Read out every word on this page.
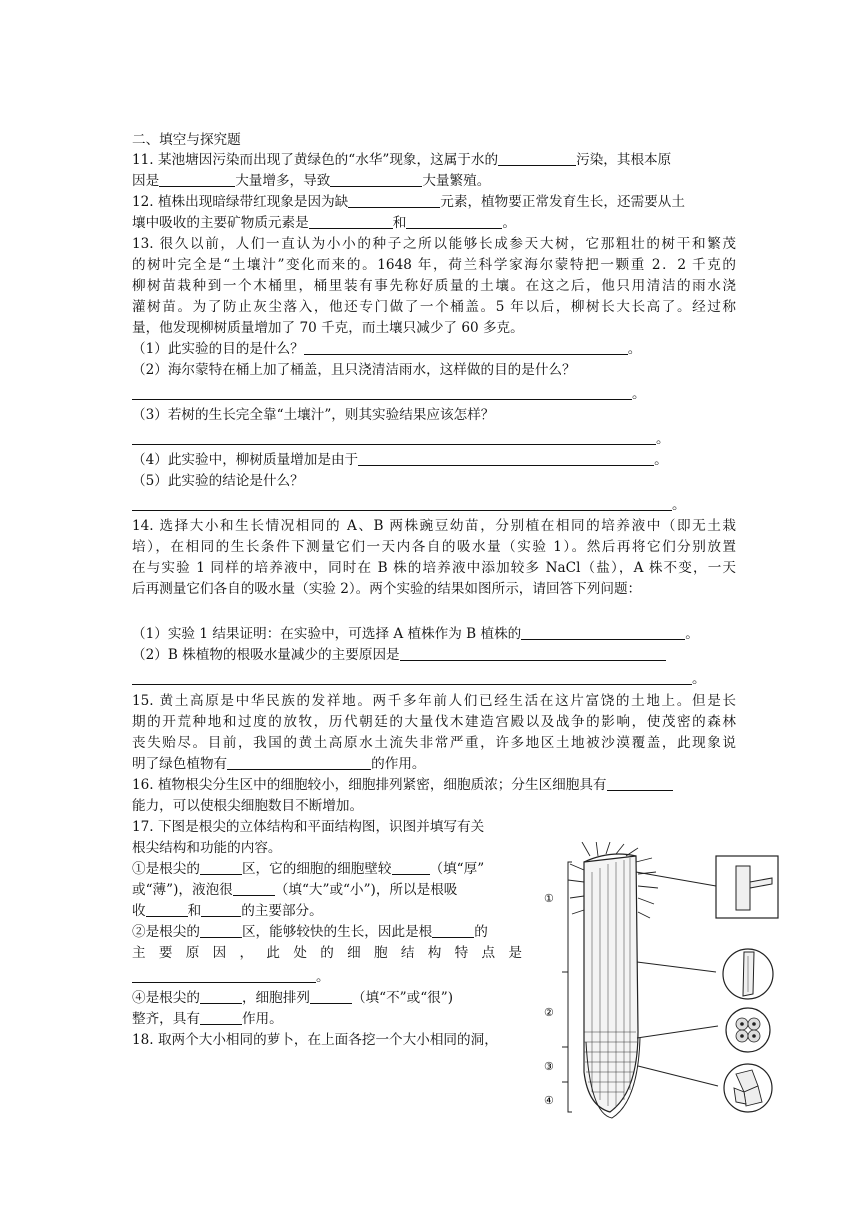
二、填空与探究题
11. 某池塘因污染而出现了黄绿色的“水华”现象，这属于水的	污染，其根本原
因是	大量增多，导致	大量繁殖。
12. 植株出现暗绿带红现象是因为缺	元素，植物要正常发育生长，还需要从土
壤中吸收的主要矿物质元素是	和	。
13. 很久以前，人们一直认为小小的种子之所以能够长成参天大树，它那粗壮的树干和繁茂
的树叶完全是“土壤汁”变化而来的。1648 年，荷兰科学家海尔蒙特把一颗重 2．2 千克的
柳树苗栽种到一个木桶里，桶里装有事先称好质量的土壤。在这之后，他只用清洁的雨水浇
灌树苗。为了防止灰尘落入，他还专门做了一个桶盖。5 年以后，柳树长大长高了。经过称
量，他发现柳树质量增加了 70 千克，而土壤只减少了 60 多克。
（1）此实验的目的是什么？	。
（2）海尔蒙特在桶上加了桶盖，且只浇清洁雨水，这样做的目的是什么？
。
（3）若树的生长完全靠“土壤汁”，则其实验结果应该怎样？
。
（4）此实验中，柳树质量增加是由于	。
（5）此实验的结论是什么？
。
14. 选择大小和生长情况相同的 A、B 两株豌豆幼苗，分别植在相同的培养液中（即无土栽
培），在相同的生长条件下测量它们一天内各自的吸水量（实验 1）。然后再将它们分别放置
在与实验 1 同样的培养液中，同时在 B 株的培养液中添加较多 NaCl（盐），A 株不变，一天
后再测量它们各自的吸水量（实验 2）。两个实验的结果如图所示，请回答下列问题：
（1）实验 1 结果证明：在实验中，可选择 A 植株作为 B 植株的	。
（2）B 株植物的根吸水量减少的主要原因是
。
15. 黄土高原是中华民族的发祥地。两千多年前人们已经生活在这片富饶的土地上。但是长
期的开荒种地和过度的放牧，历代朝廷的大量伐木建造宫殿以及战争的影响，使茂密的森林
丧失贻尽。目前，我国的黄土高原水土流失非常严重，许多地区土地被沙漠覆盖，此现象说
明了绿色植物有	的作用。
16. 植物根尖分生区中的细胞较小，细胞排列紧密，细胞质浓；分生区细胞具有
能力，可以使根尖细胞数目不断增加。
17. 下图是根尖的立体结构和平面结构图，识图并填写有关
根尖结构和功能的内容。
①是根尖的	区，它的细胞的细胞壁较	（填“厚”
或“薄”)，液泡很	（填“大”或“小”)，所以是根吸
收	和	的主要部分。
②是根尖的	区，能够较快的生长，因此是根	的
主 要 原 因 ， 此 处 的 细 胞 结 构 特 点 是
。
④是根尖的	，细胞排列	（填“不”或“很”)
整齐，具有	作用。
18. 取两个大小相同的萝卜，在上面各挖一个大小相同的洞，
①
②
③
④
